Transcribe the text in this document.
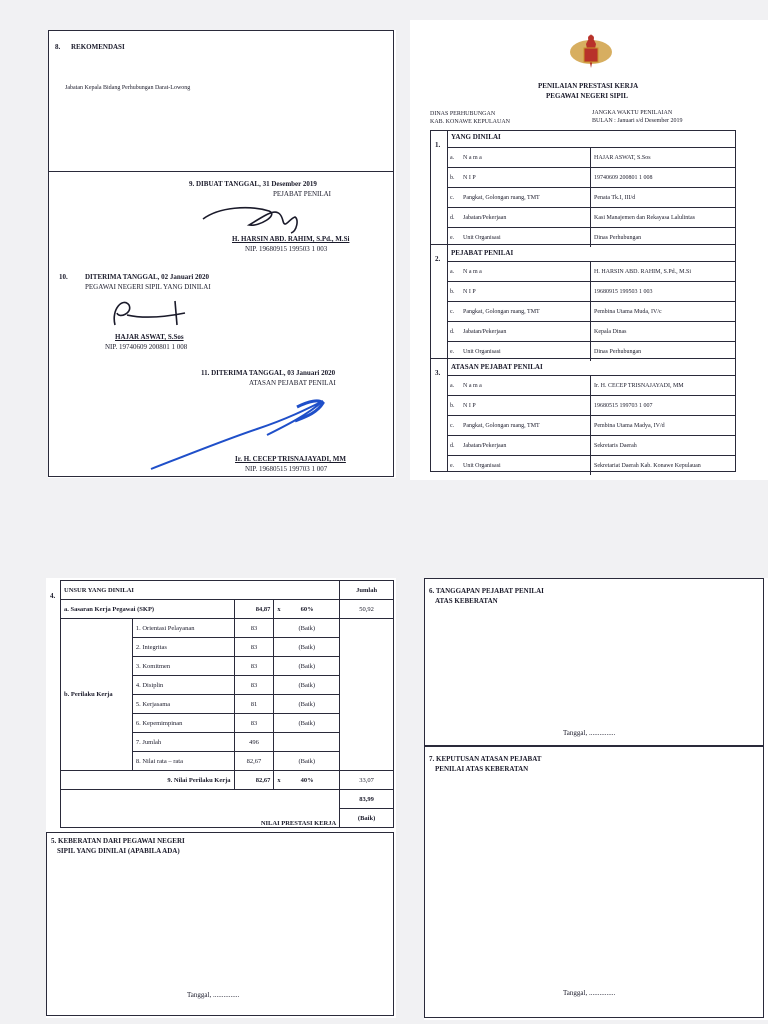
8. REKOMENDASI
Jabatan Kepala Bidang Perhubungan Darat-Lowong
9. DIBUAT TANGGAL, 31 Desember 2019
PEJABAT PENILAI
H. HARSIN ABD. RAHIM, S.Pd., M.Si
NIP. 19680915 199503 1 003
10. DITERIMA TANGGAL, 02 Januari 2020
PEGAWAI NEGERI SIPIL YANG DINILAI
HAJAR ASWAT, S.Sos
NIP. 19740609 200801 1 008
11. DITERIMA TANGGAL, 03 Januari 2020
ATASAN PEJABAT PENILAI
Ir. H. CECEP TRISNAJAYADI, MM
NIP. 19680515 199703 1 007
PENILAIAN PRESTASI KERJA
PEGAWAI NEGERI SIPIL
DINAS PERHUBUNGAN
KAB. KONAWE KEPULAUAN
JANGKA WAKTU PENILAIAN
BULAN : Januari s/d Desember 2019
1.
YANG DINILAI
a. N a m a	HAJAR ASWAT, S.Sos
b. N I P	19740609 200801 1 008
c. Pangkat, Golongan ruang, TMT	Penata Tk.I, III/d
d. Jabatan/Pekerjaan	Kasi Manajemen dan Rekayasa Lalulintas
e. Unit Organisasi	Dinas Perhubungan
2.
PEJABAT PENILAI
a. N a m a	H. HARSIN ABD. RAHIM, S.Pd., M.Si
b. N I P	19680915 199503 1 003
c. Pangkat, Golongan ruang, TMT	Pembina Utama Muda, IV/c
d. Jabatan/Pekerjaan	Kepala Dinas
e. Unit Organisasi	Dinas Perhubungan
3.
ATASAN PEJABAT PENILAI
a. N a m a	Ir. H. CECEP TRISNAJAYADI, MM
b. N I P	19680515 199703 1 007
c. Pangkat, Golongan ruang, TMT	Pembina Utama Madya, IV/d
d. Jabatan/Pekerjaan	Sekretaris Daerah
e. Unit Organisasi	Sekretariat Daerah Kab. Konawe Kepulauan
4.
UNSUR YANG DINILAI				Jumlah
a. Sasaran Kerja Pegawai (SKP)		84,87	x 60%	50,92
b. Perilaku Kerja	1. Orientasi Pelayanan	83	(Baik)	
	2. Integritas	83	(Baik)	
	3. Komitmen	83	(Baik)	
	4. Disiplin	83	(Baik)	
	5. Kerjasama	81	(Baik)	
	6. Kepemimpinan	83	(Baik)	
	7. Jumlah	496		
	8. Nilai rata – rata	82,67	(Baik)	
9. Nilai Perilaku Kerja		82,67	x 40%	33,07
NILAI PRESTASI KERJA				83,99
				(Baik)
5. KEBERATAN DARI PEGAWAI NEGERI
SIPIL YANG DINILAI (APABILA ADA)
Tanggal, ...............
6. TANGGAPAN PEJABAT PENILAI
ATAS KEBERATAN
Tanggal, ...............
7. KEPUTUSAN ATASAN PEJABAT
PENILAI ATAS KEBERATAN
Tanggal, ...............
